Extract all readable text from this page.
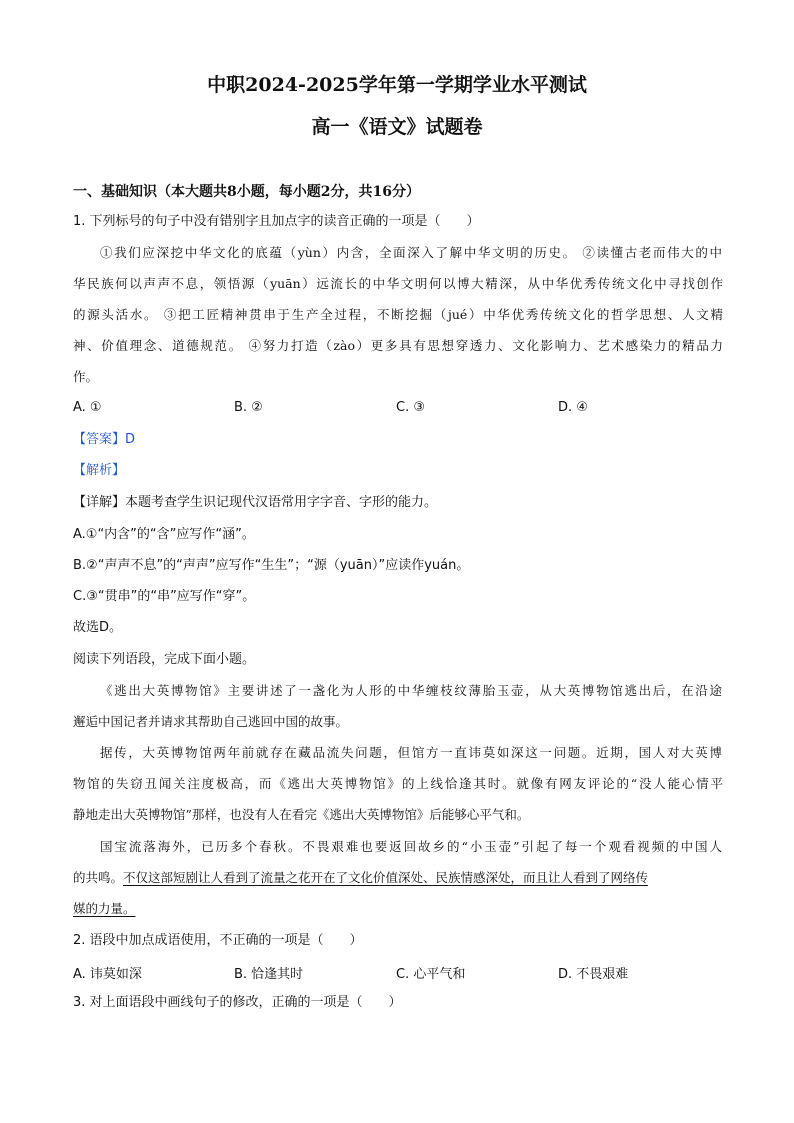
中职2024-2025学年第一学期学业水平测试
高一《语文》试题卷
一、基础知识（本大题共8小题，每小题2分，共16分）
1. 下列标号的句子中没有错别字且加点字的读音正确的一项是（　　）
①我们应深挖中华文化的底蕴（yùn）内含，全面深入了解中华文明的历史。 ②读懂古老而伟大的中
华民族何以声声不息，领悟源（yuān）远流长的中华文明何以博大精深，从中华优秀传统文化中寻找创作
的源头活水。 ③把工匠精神贯串于生产全过程，不断挖掘（jué）中华优秀传统文化的哲学思想、人文精
神、价值理念、道德规范。 ④努力打造（zào）更多具有思想穿透力、文化影响力、艺术感染力的精品力
作。
A. ①	B. ②	C. ③	D. ④
【答案】D
【解析】
【详解】本题考查学生识记现代汉语常用字字音、字形的能力。
A.①“内含”的“含”应写作“涵”。
B.②“声声不息”的“声声”应写作“生生”；“源（yuān）”应读作yuán。
C.③“贯串”的“串”应写作“穿”。
故选D。
阅读下列语段，完成下面小题。
《逃出大英博物馆》主要讲述了一盏化为人形的中华缠枝纹薄胎玉壶，从大英博物馆逃出后，在沿途
邂逅中国记者并请求其帮助自己逃回中国的故事。
据传，大英博物馆两年前就存在藏品流失问题，但馆方一直讳莫如深这一问题。近期，国人对大英博
物馆的失窃丑闻关注度极高，而《逃出大英博物馆》的上线恰逢其时。就像有网友评论的“没人能心情平
静地走出大英博物馆”那样，也没有人在看完《逃出大英博物馆》后能够心平气和。
国宝流落海外，已历多个春秋。不畏艰难也要返回故乡的“小玉壶”引起了每一个观看视频的中国人
的共鸣。不仅这部短剧让人看到了流量之花开在了文化价值深处、民族情感深处，而且让人看到了网络传
媒的力量。
2. 语段中加点成语使用，不正确的一项是（　　）
A. 讳莫如深	B. 恰逢其时	C. 心平气和	D. 不畏艰难
3. 对上面语段中画线句子的修改，正确的一项是（　　）
